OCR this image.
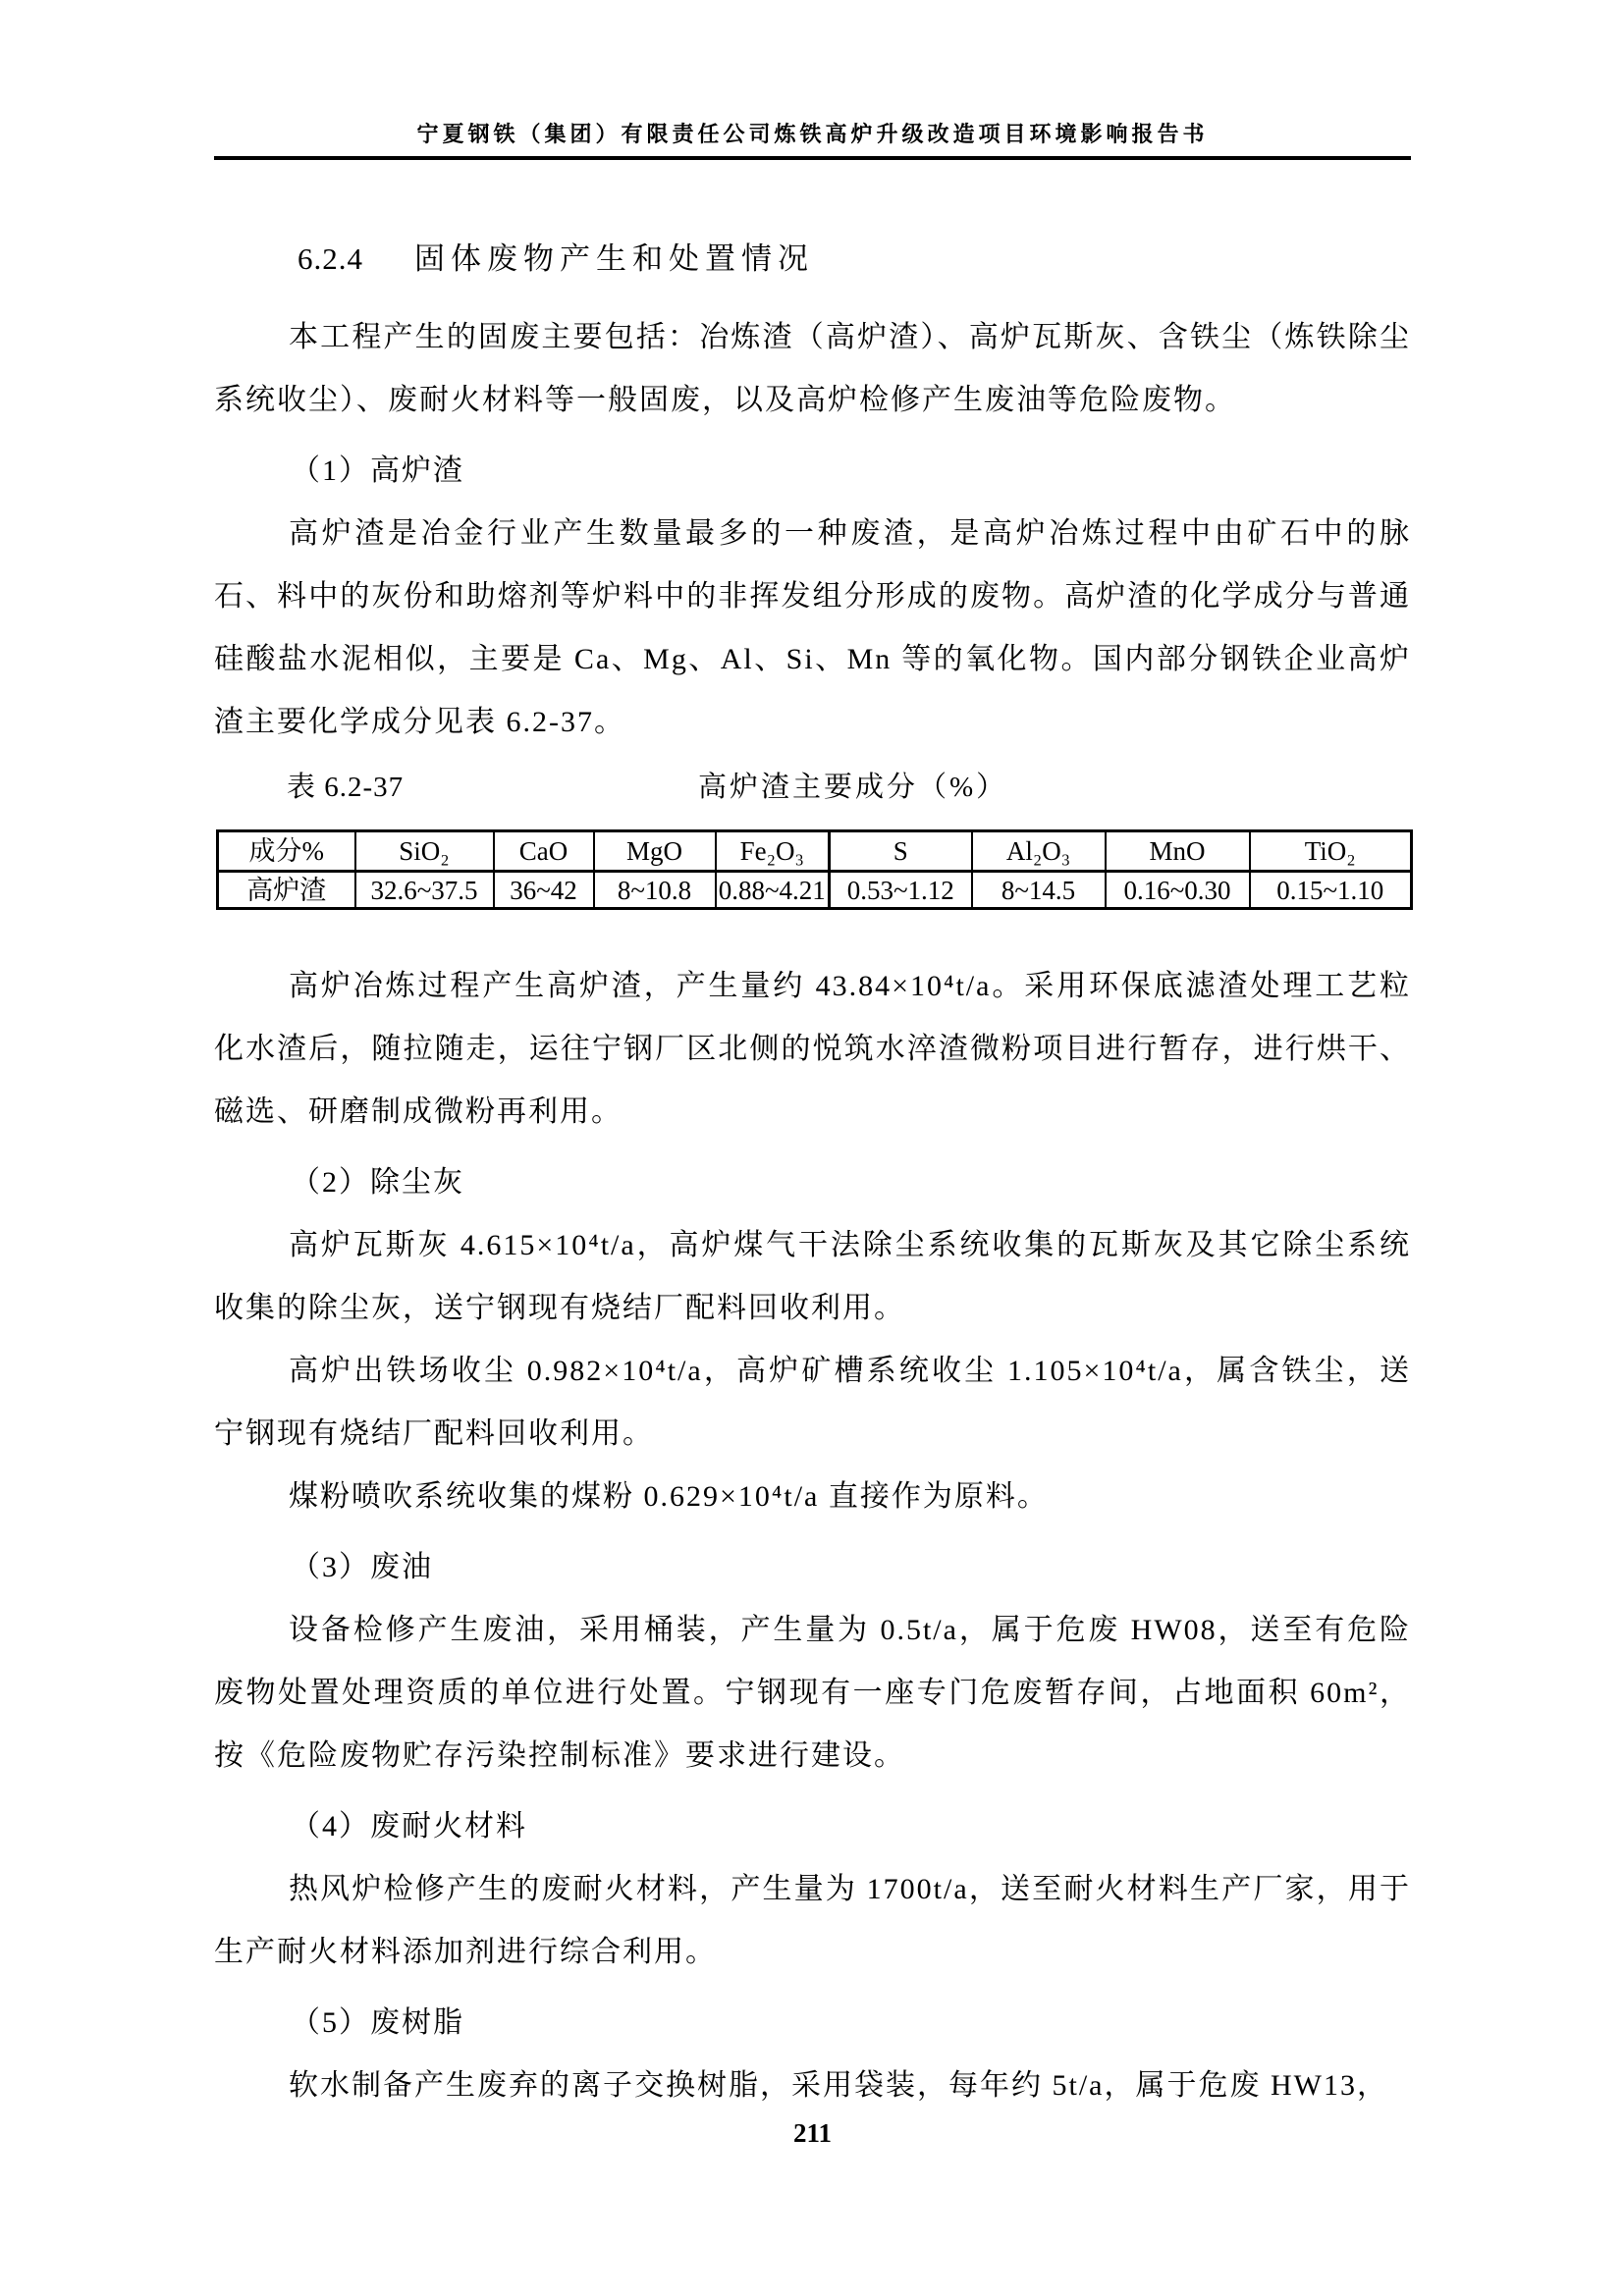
宁夏钢铁（集团）有限责任公司炼铁高炉升级改造项目环境影响报告书
6.2.4 固体废物产生和处置情况

本工程产生的固废主要包括：冶炼渣（高炉渣）、高炉瓦斯灰、含铁尘（炼铁除尘系统收尘）、废耐火材料等一般固废，以及高炉检修产生废油等危险废物。

（1）高炉渣

高炉渣是冶金行业产生数量最多的一种废渣，是高炉冶炼过程中由矿石中的脉石、料中的灰份和助熔剂等炉料中的非挥发组分形成的废物。高炉渣的化学成分与普通硅酸盐水泥相似，主要是 Ca、Mg、Al、Si、Mn 等的氧化物。国内部分钢铁企业高炉渣主要化学成分见表 6.2-37。

表 6.2-37	高炉渣主要成分（%）
成分%	SiO₂	CaO	MgO	Fe₂O₃	S	Al₂O₃	MnO	TiO₂
高炉渣	32.6~37.5	36~42	8~10.8	0.88~4.21	0.53~1.12	8~14.5	0.16~0.30	0.15~1.10

高炉冶炼过程产生高炉渣，产生量约 43.84×10⁴t/a。采用环保底滤渣处理工艺粒化水渣后，随拉随走，运往宁钢厂区北侧的悦筑水淬渣微粉项目进行暂存，进行烘干、磁选、研磨制成微粉再利用。

（2）除尘灰

高炉瓦斯灰 4.615×10⁴t/a，高炉煤气干法除尘系统收集的瓦斯灰及其它除尘系统收集的除尘灰，送宁钢现有烧结厂配料回收利用。

高炉出铁场收尘 0.982×10⁴t/a，高炉矿槽系统收尘 1.105×10⁴t/a，属含铁尘，送宁钢现有烧结厂配料回收利用。

煤粉喷吹系统收集的煤粉 0.629×10⁴t/a 直接作为原料。

（3）废油

设备检修产生废油，采用桶装，产生量为 0.5t/a，属于危废 HW08，送至有危险废物处置处理资质的单位进行处置。宁钢现有一座专门危废暂存间，占地面积 60m²，按《危险废物贮存污染控制标准》要求进行建设。

（4）废耐火材料

热风炉检修产生的废耐火材料，产生量为 1700t/a，送至耐火材料生产厂家，用于生产耐火材料添加剂进行综合利用。

（5）废树脂

软水制备产生废弃的离子交换树脂，采用袋装，每年约 5t/a，属于危废 HW13，

211
